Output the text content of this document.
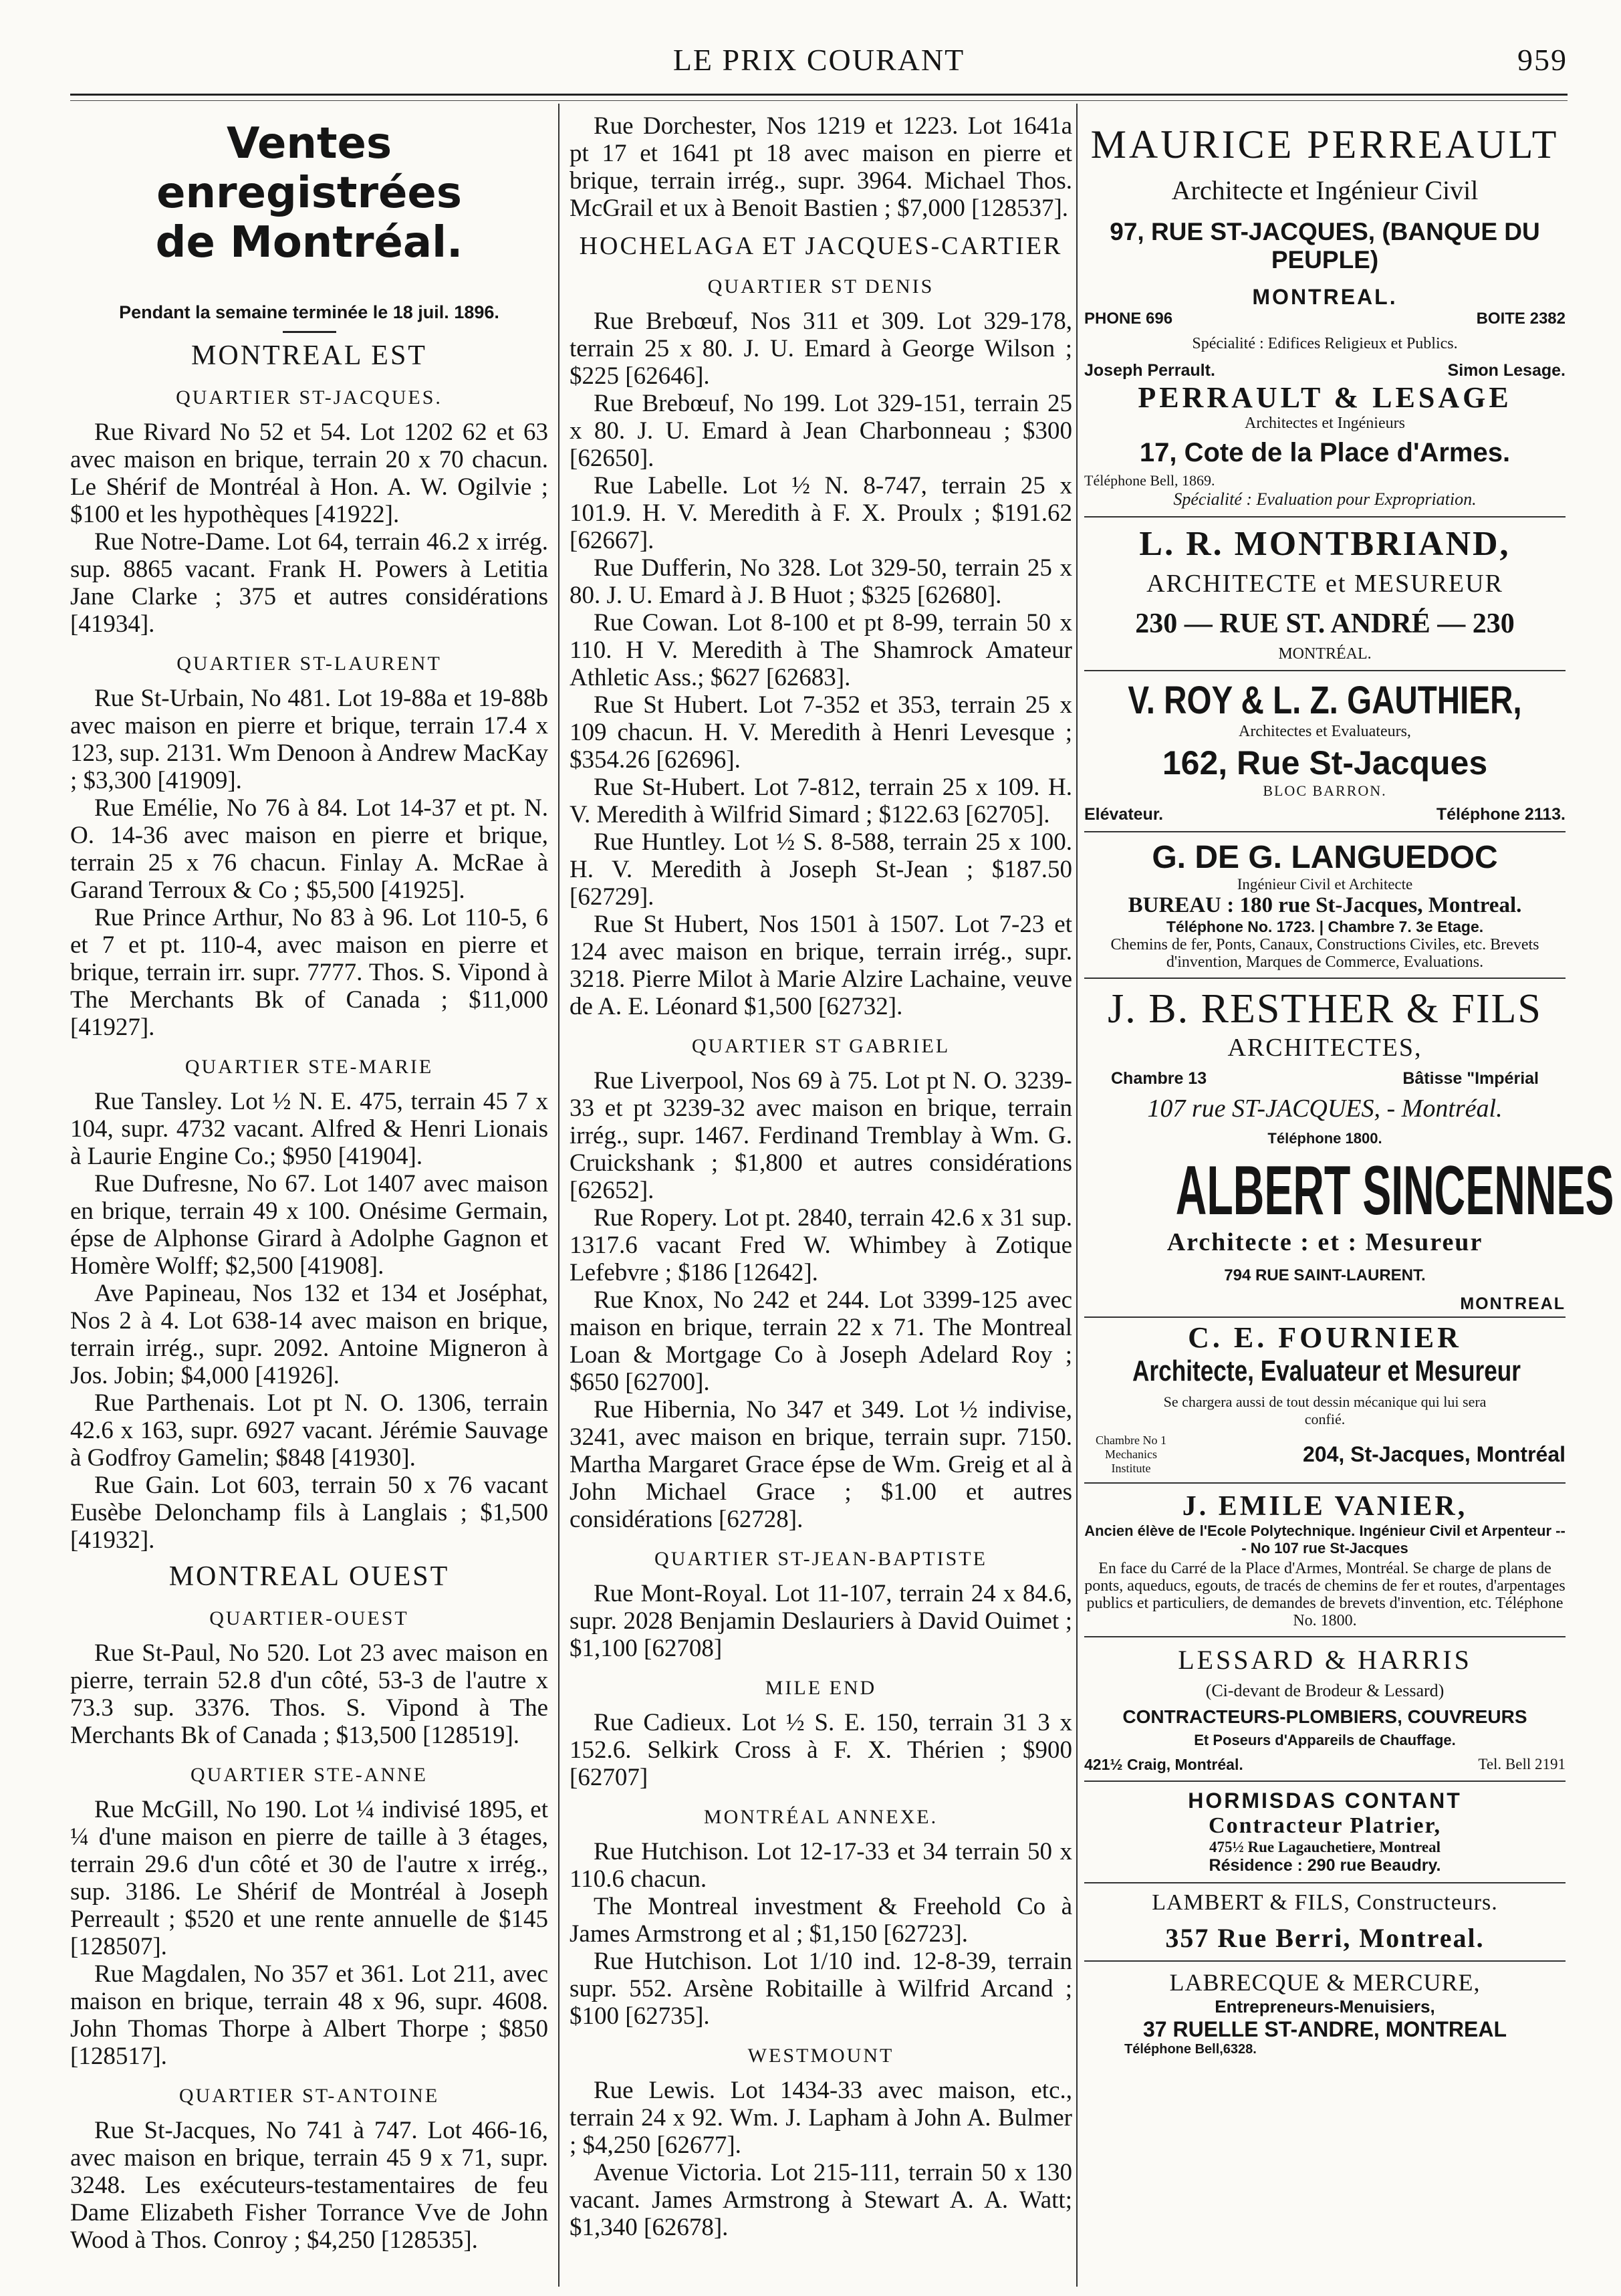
LE PRIX COURANT	959
Ventes enregistrées
de Montréal.
Pendant la semaine terminée le 18 juil. 1896.
MONTREAL EST
QUARTIER ST-JACQUES.

Rue Rivard No 52 et 54. Lot 1202 62 et 63 avec maison en brique, terrain 20 x 70 chacun. Le Shérif de Montréal à Hon. A. W. Ogilvie ; $100 et les hypothèques [41922].

Rue Notre-Dame. Lot 64, terrain 46.2 x irrég. sup. 8865 vacant. Frank H. Powers à Letitia Jane Clarke ; 375 et autres considérations [41934].

QUARTIER ST-LAURENT

Rue St-Urbain, No 481. Lot 19-88a et 19-88b avec maison en pierre et brique, terrain 17.4 x 123, sup. 2131. Wm Denoon à Andrew MacKay ; $3,300 [41909].

Rue Emélie, No 76 à 84. Lot 14-37 et pt. N. O. 14-36 avec maison en pierre et brique, terrain 25 x 76 chacun. Finlay A. McRae à Garand Terroux & Co ; $5,500 [41925].

Rue Prince Arthur, No 83 à 96. Lot 110-5, 6 et 7 et pt. 110-4, avec maison en pierre et brique, terrain irr. supr. 7777. Thos. S. Vipond à The Merchants Bk of Canada ; $11,000 [41927].

QUARTIER STE-MARIE

Rue Tansley. Lot ½ N. E. 475, terrain 45 7 x 104, supr. 4732 vacant. Alfred & Henri Lionais à Laurie Engine Co.; $950 [41904].

Rue Dufresne, No 67. Lot 1407 avec maison en brique, terrain 49 x 100. Onésime Germain, épse de Alphonse Girard à Adolphe Gagnon et Homère Wolff; $2,500 [41908].

Ave Papineau, Nos 132 et 134 et Joséphat, Nos 2 à 4. Lot 638-14 avec maison en brique, terrain irrég., supr. 2092. Antoine Migneron à Jos. Jobin; $4,000 [41926].

Rue Parthenais. Lot pt N. O. 1306, terrain 42.6 x 163, supr. 6927 vacant. Jérémie Sauvage à Godfroy Gamelin; $848 [41930].

Rue Gain. Lot 603, terrain 50 x 76 vacant Eusèbe Delonchamp fils à Langlais ; $1,500 [41932].

MONTREAL OUEST
QUARTIER-OUEST

Rue St-Paul, No 520. Lot 23 avec maison en pierre, terrain 52.8 d'un côté, 53-3 de l'autre x 73.3 sup. 3376. Thos. S. Vipond à The Merchants Bk of Canada ; $13,500 [128519].

QUARTIER STE-ANNE

Rue McGill, No 190. Lot ¼ indivisé 1895, et ¼ d'une maison en pierre de taille à 3 étages, terrain 29.6 d'un côté et 30 de l'autre x irrég., sup. 3186. Le Shérif de Montréal à Joseph Perreault ; $520 et une rente annuelle de $145 [128507].

Rue Magdalen, No 357 et 361. Lot 211, avec maison en brique, terrain 48 x 96, supr. 4608. John Thomas Thorpe à Albert Thorpe ; $850 [128517].

QUARTIER ST-ANTOINE

Rue St-Jacques, No 741 à 747. Lot 466-16, avec maison en brique, terrain 45 9 x 71, supr. 3248. Les exécuteurs-testamentaires de feu Dame Elizabeth Fisher Torrance Vve de John Wood à Thos. Conroy ; $4,250 [128535].

Rue Dorchester, Nos 1219 et 1223. Lot 1641a pt 17 et 1641 pt 18 avec maison en pierre et brique, terrain irrég., supr. 3964. Michael Thos. McGrail et ux à Benoit Bastien ; $7,000 [128537].

HOCHELAGA ET JACQUES-CARTIER
QUARTIER ST DENIS

Rue Brebœuf, Nos 311 et 309. Lot 329-178, terrain 25 x 80. J. U. Emard à George Wilson ; $225 [62646].

Rue Brebœuf, No 199. Lot 329-151, terrain 25 x 80. J. U. Emard à Jean Charbonneau ; $300 [62650].

Rue Labelle. Lot ½ N. 8-747, terrain 25 x 101.9. H. V. Meredith à F. X. Proulx ; $191.62 [62667].

Rue Dufferin, No 328. Lot 329-50, terrain 25 x 80. J. U. Emard à J. B Huot ; $325 [62680].

Rue Cowan. Lot 8-100 et pt 8-99, terrain 50 x 110. H V. Meredith à The Shamrock Amateur Athletic Ass.; $627 [62683].

Rue St Hubert. Lot 7-352 et 353, terrain 25 x 109 chacun. H. V. Meredith à Henri Levesque ; $354.26 [62696].

Rue St-Hubert. Lot 7-812, terrain 25 x 109. H. V. Meredith à Wilfrid Simard ; $122.63 [62705].

Rue Huntley. Lot ½ S. 8-588, terrain 25 x 100. H. V. Meredith à Joseph St-Jean ; $187.50 [62729].

Rue St Hubert, Nos 1501 à 1507. Lot 7-23 et 124 avec maison en brique, terrain irrég., supr. 3218. Pierre Milot à Marie Alzire Lachaine, veuve de A. E. Léonard $1,500 [62732].

QUARTIER ST GABRIEL

Rue Liverpool, Nos 69 à 75. Lot pt N. O. 3239-33 et pt 3239-32 avec maison en brique, terrain irrég., supr. 1467. Ferdinand Tremblay à Wm. G. Cruickshank ; $1,800 et autres considérations [62652].

Rue Ropery. Lot pt. 2840, terrain 42.6 x 31 sup. 1317.6 vacant Fred W. Whimbey à Zotique Lefebvre ; $186 [12642].

Rue Knox, No 242 et 244. Lot 3399-125 avec maison en brique, terrain 22 x 71. The Montreal Loan & Mortgage Co à Joseph Adelard Roy ; $650 [62700].

Rue Hibernia, No 347 et 349. Lot ½ indivise, 3241, avec maison en brique, terrain supr. 7150. Martha Margaret Grace épse de Wm. Greig et al à John Michael Grace ; $1.00 et autres considérations [62728].

QUARTIER ST-JEAN-BAPTISTE

Rue Mont-Royal. Lot 11-107, terrain 24 x 84.6, supr. 2028 Benjamin Deslauriers à David Ouimet ; $1,100 [62708]

MILE END

Rue Cadieux. Lot ½ S. E. 150, terrain 31 3 x 152.6. Selkirk Cross à F. X. Thérien ; $900 [62707]

MONTRÉAL ANNEXE.

Rue Hutchison. Lot 12-17-33 et 34 terrain 50 x 110.6 chacun.

The Montreal investment & Freehold Co à James Armstrong et al ; $1,150 [62723].

Rue Hutchison. Lot 1/10 ind. 12-8-39, terrain supr. 552. Arsène Robitaille à Wilfrid Arcand ; $100 [62735].

WESTMOUNT

Rue Lewis. Lot 1434-33 avec maison, etc., terrain 24 x 92. Wm. J. Lapham à John A. Bulmer ; $4,250 [62677].

Avenue Victoria. Lot 215-111, terrain 50 x 130 vacant. James Armstrong à Stewart A. A. Watt; $1,340 [62678].

MAURICE PERREAULT
Architecte et Ingénieur Civil
97, RUE ST-JACQUES, (BANQUE DU PEUPLE)
MONTREAL.
PHONE 696	BOITE 2382
Spécialité : Edifices Religieux et Publics.
Joseph Perrault.	Simon Lesage.
PERRAULT & LESAGE
Architectes et Ingénieurs
17, Cote de la Place d'Armes.
Téléphone Bell, 1869.
Spécialité : Evaluation pour Expropriation.
L. R. MONTBRIAND,
ARCHITECTE et MESUREUR
230 — RUE ST. ANDRÉ — 230
MONTRÉAL.
V. ROY & L. Z. GAUTHIER,
Architectes et Evaluateurs,
162, Rue St-Jacques
BLOC BARRON.
Elévateur.	Téléphone 2113.
G. DE G. LANGUEDOC
Ingénieur Civil et Architecte
BUREAU : 180 rue St-Jacques, Montreal.
Téléphone No. 1723. | Chambre 7. 3e Etage.
Chemins de fer, Ponts, Canaux, Constructions Civiles, etc. Brevets d'invention, Marques de Commerce, Evaluations.
J. B. RESTHER & FILS
ARCHITECTES,
Chambre 13	Bâtisse "Impérial
107 rue ST-JACQUES, - Montréal.
Téléphone 1800.
ALBERT SINCENNES
Architecte : et : Mesureur
794 RUE SAINT-LAURENT.
MONTREAL
C. E. FOURNIER
Architecte, Evaluateur et Mesureur
Se chargera aussi de tout dessin mécanique qui lui sera confié.
Chambre No 1 Mechanics Institute
204, St-Jacques, Montréal
J. EMILE VANIER,
Ancien élève de l'Ecole Polytechnique. Ingénieur Civil et Arpenteur --- No 107 rue St-Jacques
En face du Carré de la Place d'Armes, Montréal. Se charge de plans de ponts, aqueducs, egouts, de tracés de chemins de fer et routes, d'arpentages publics et particuliers, de demandes de brevets d'invention, etc. Téléphone No. 1800.
LESSARD & HARRIS
(Ci-devant de Brodeur & Lessard)
CONTRACTEURS-PLOMBIERS, COUVREURS
Et Poseurs d'Appareils de Chauffage.
421½ Craig, Montréal.	Tel. Bell 2191
HORMISDAS CONTANT
Contracteur Platrier,
475½ Rue Lagauchetiere, Montreal
Résidence : 290 rue Beaudry.
LAMBERT & FILS, Constructeurs.
357 Rue Berri, Montreal.
LABRECQUE & MERCURE,
Entrepreneurs-Menuisiers,
37 RUELLE ST-ANDRE, MONTREAL
Téléphone Bell,6328.
